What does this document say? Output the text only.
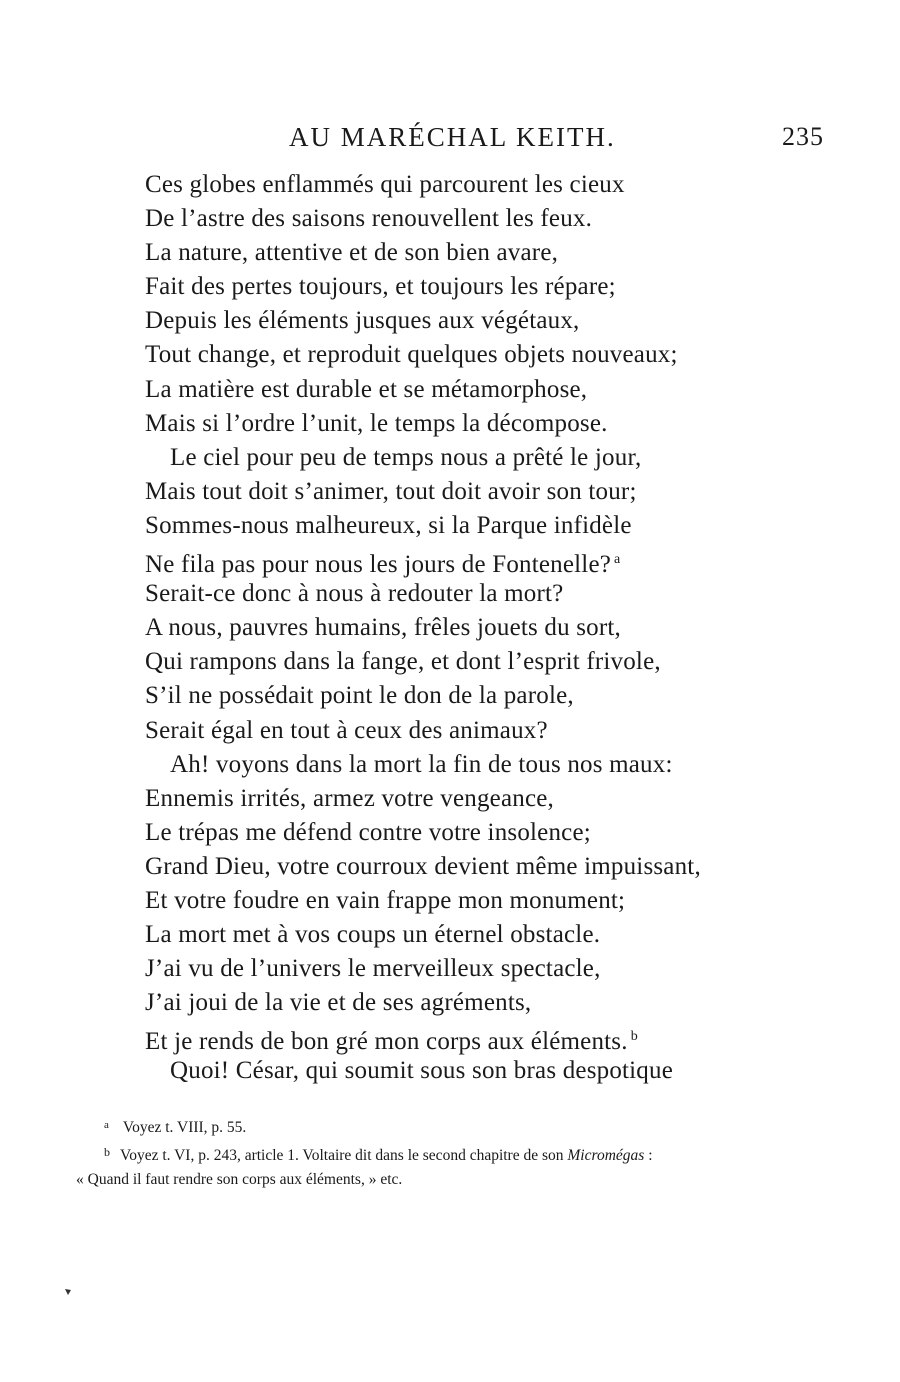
AU MARÉCHAL KEITH.	235
Ces globes enflammés qui parcourent les cieux
De l’astre des saisons renouvellent les feux.
La nature, attentive et de son bien avare,
Fait des pertes toujours, et toujours les répare;
Depuis les éléments jusques aux végétaux,
Tout change, et reproduit quelques objets nouveaux;
La matière est durable et se métamorphose,
Mais si l’ordre l’unit, le temps la décompose.
Le ciel pour peu de temps nous a prêté le jour,
Mais tout doit s’animer, tout doit avoir son tour;
Sommes-nous malheureux, si la Parque infidèle
Ne fila pas pour nous les jours de Fontenelle? $^a$
Serait-ce donc à nous à redouter la mort?
A nous, pauvres humains, frêles jouets du sort,
Qui rampons dans la fange, et dont l’esprit frivole,
S’il ne possédait point le don de la parole,
Serait égal en tout à ceux des animaux?
Ah! voyons dans la mort la fin de tous nos maux:
Ennemis irrités, armez votre vengeance,
Le trépas me défend contre votre insolence;
Grand Dieu, votre courroux devient même impuissant,
Et votre foudre en vain frappe mon monument;
La mort met à vos coups un éternel obstacle.
J’ai vu de l’univers le merveilleux spectacle,
J’ai joui de la vie et de ses agréments,
Et je rends de bon gré mon corps aux éléments. $^b$
Quoi! César, qui soumit sous son bras despotique
$^a$ Voyez t. VIII, p. 55.
$^b$ Voyez t. VI, p. 243, article 1. Voltaire dit dans le second chapitre de son Micromégas :
« Quand il faut rendre son corps aux éléments, » etc.
